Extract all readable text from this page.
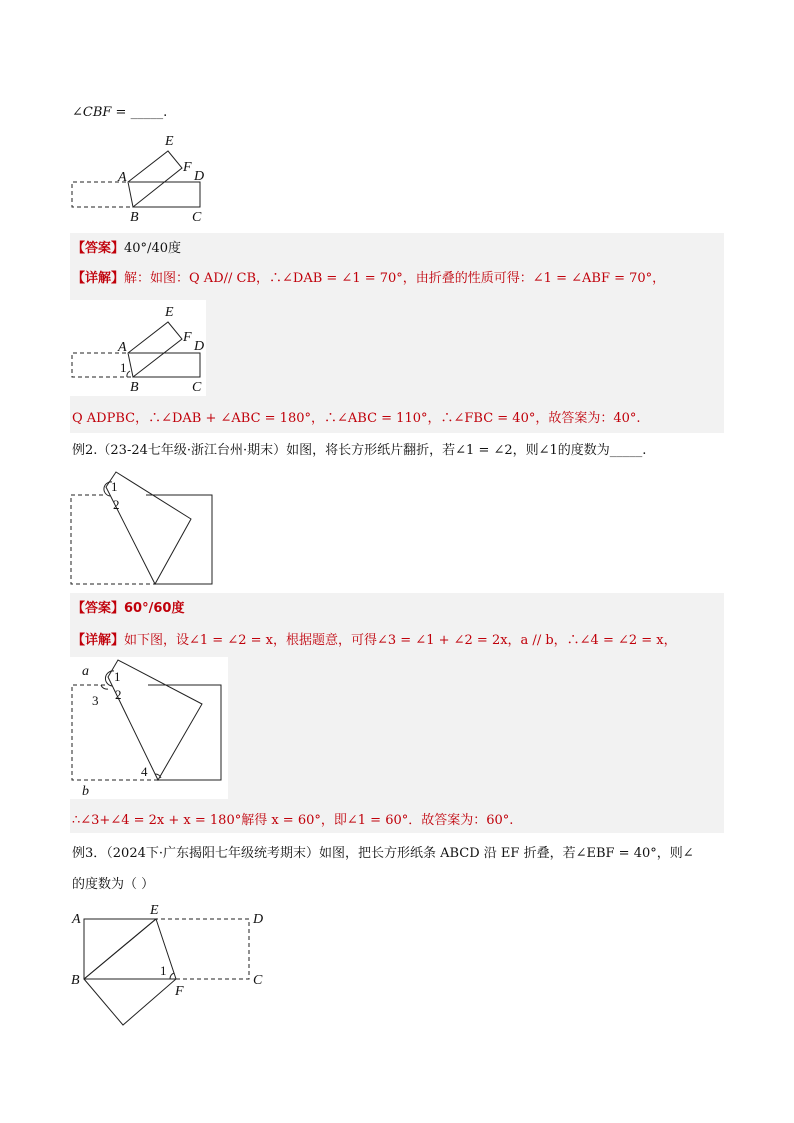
∠CBF = _____.
E
F
A	D
B	C
【答案】40°/40度
【详解】解：如图：Q AD// CB，∴∠DAB = ∠1 = 70°，由折叠的性质可得：∠1 = ∠ABF = 70°，
E
F
A	D
1
B	C
Q ADPBC，∴∠DAB + ∠ABC = 180°，∴∠ABC = 110°，∴∠FBC = 40°，故答案为：40°.
例2.（23-24七年级·浙江台州·期末）如图，将长方形纸片翻折，若∠1 = ∠2，则∠1的度数为_____.
1
2
【答案】60°/60度
【详解】如下图，设∠1 = ∠2 = x，根据题意，可得∠3 = ∠1 + ∠2 = 2x，a // b，∴∠4 = ∠2 = x，
a 1
2
3
4
b
∴∠3+∠4 = 2x + x = 180°解得 x = 60°，即∠1 = 60°．故答案为：60°.
例3．（2024下·广东揭阳七年级统考期末）如图，把长方形纸条 ABCD 沿 EF 折叠，若∠EBF = 40°，则∠
的度数为（ ）
A
E
D
B	C
F
1
